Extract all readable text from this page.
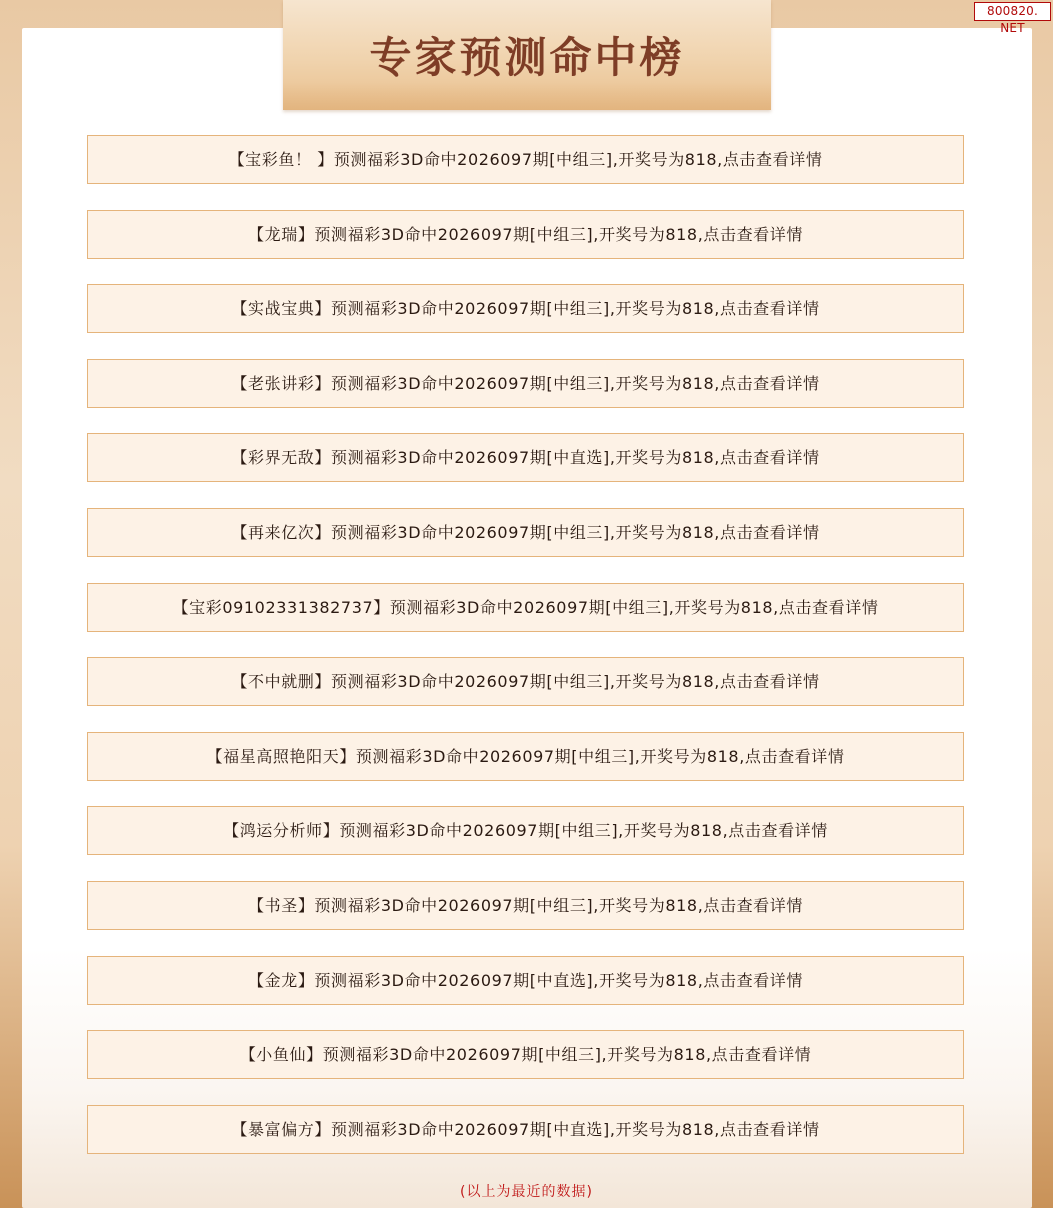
800820. NET
专家预测命中榜
【宝彩鱼！ 】预测福彩3D命中2026097期[中组三],开奖号为818,点击查看详情
【龙瑞】预测福彩3D命中2026097期[中组三],开奖号为818,点击查看详情
【实战宝典】预测福彩3D命中2026097期[中组三],开奖号为818,点击查看详情
【老张讲彩】预测福彩3D命中2026097期[中组三],开奖号为818,点击查看详情
【彩界无敌】预测福彩3D命中2026097期[中直选],开奖号为818,点击查看详情
【再来亿次】预测福彩3D命中2026097期[中组三],开奖号为818,点击查看详情
【宝彩09102331382737】预测福彩3D命中2026097期[中组三],开奖号为818,点击查看详情
【不中就删】预测福彩3D命中2026097期[中组三],开奖号为818,点击查看详情
【福星高照艳阳天】预测福彩3D命中2026097期[中组三],开奖号为818,点击查看详情
【鸿运分析师】预测福彩3D命中2026097期[中组三],开奖号为818,点击查看详情
【书圣】预测福彩3D命中2026097期[中组三],开奖号为818,点击查看详情
【金龙】预测福彩3D命中2026097期[中直选],开奖号为818,点击查看详情
【小鱼仙】预测福彩3D命中2026097期[中组三],开奖号为818,点击查看详情
【暴富偏方】预测福彩3D命中2026097期[中直选],开奖号为818,点击查看详情
(以上为最近的数据)
